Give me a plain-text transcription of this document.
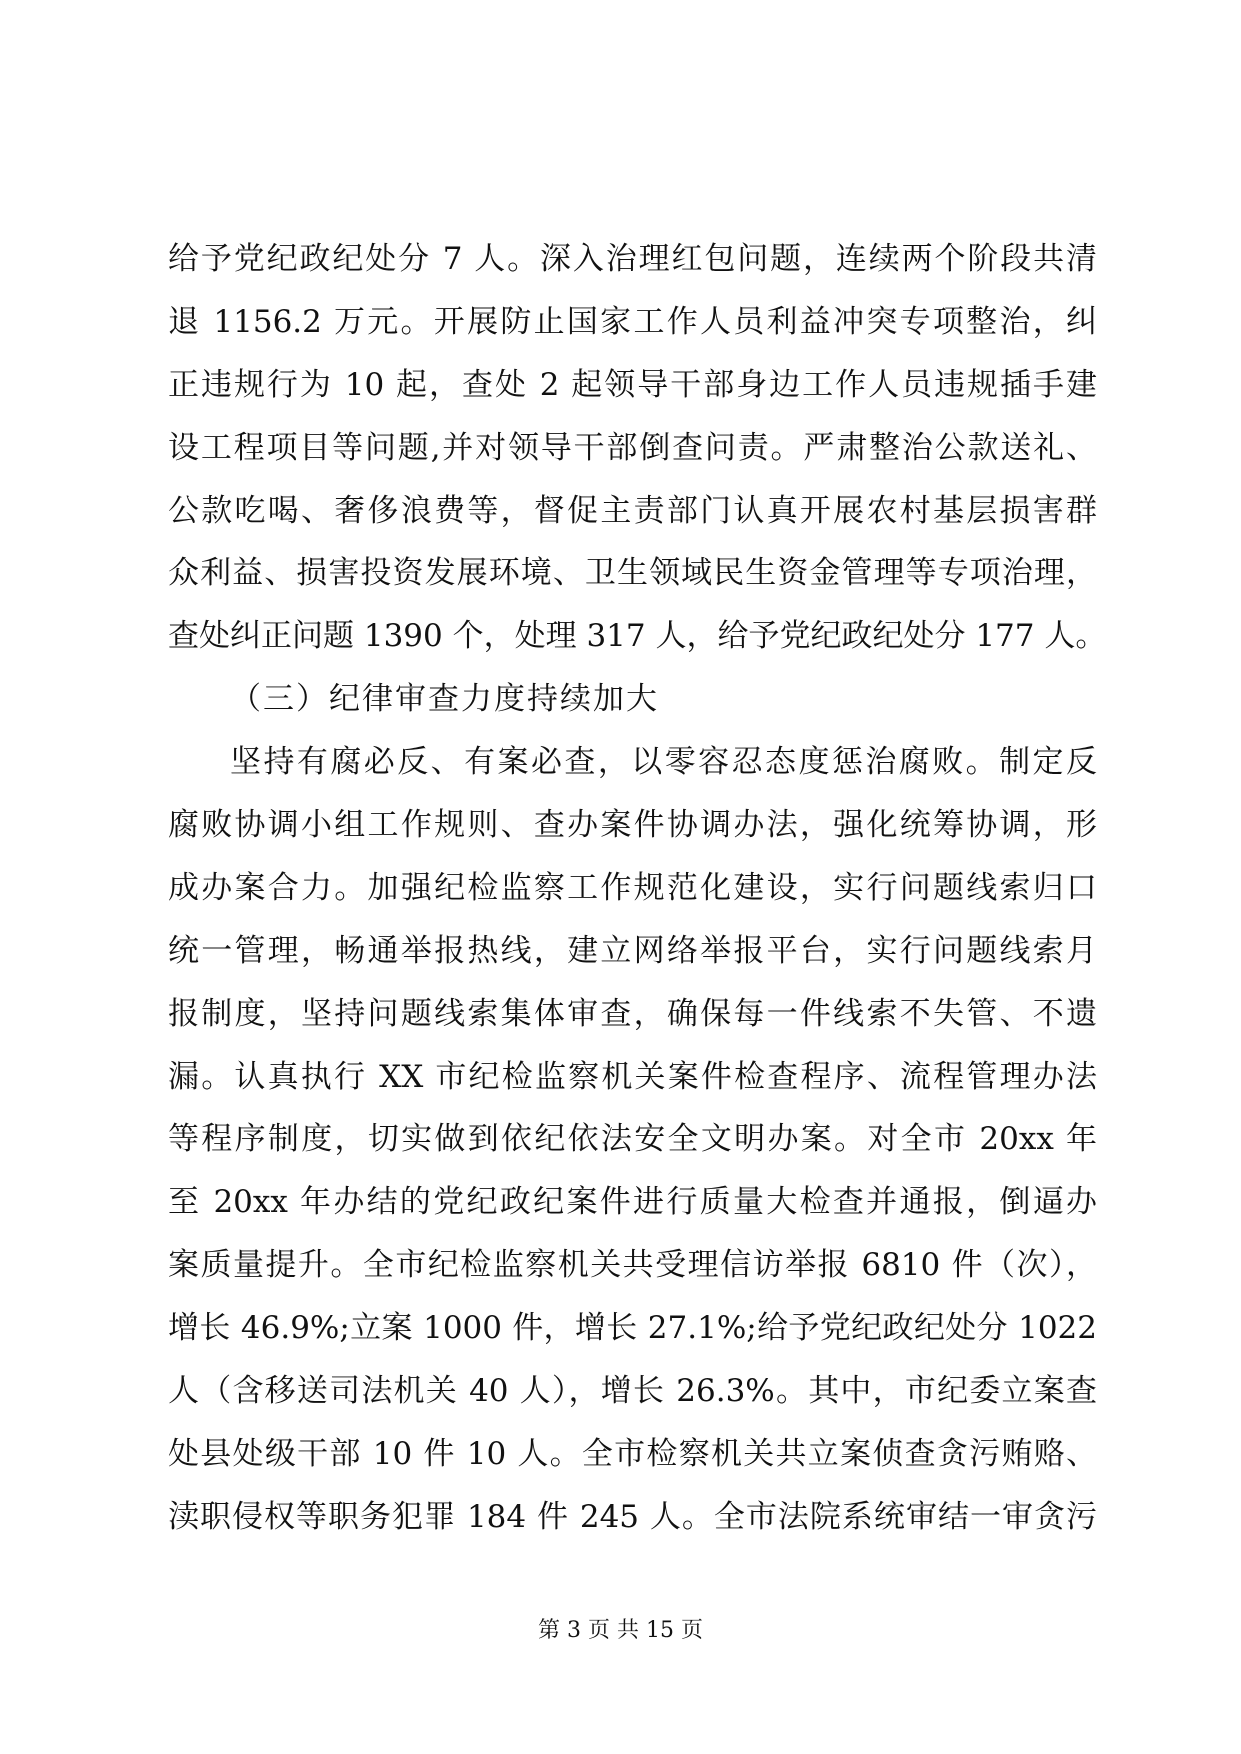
给予党纪政纪处分 7 人。深入治理红包问题，连续两个阶段共清
退 1156.2 万元。开展防止国家工作人员利益冲突专项整治，纠
正违规行为 10 起，查处 2 起领导干部身边工作人员违规插手建
设工程项目等问题,并对领导干部倒查问责。严肃整治公款送礼、
公款吃喝、奢侈浪费等，督促主责部门认真开展农村基层损害群
众利益、损害投资发展环境、卫生领域民生资金管理等专项治理，
查处纠正问题 1390 个，处理 317 人，给予党纪政纪处分 177 人。
（三）纪律审查力度持续加大
坚持有腐必反、有案必查，以零容忍态度惩治腐败。制定反
腐败协调小组工作规则、查办案件协调办法，强化统筹协调，形
成办案合力。加强纪检监察工作规范化建设，实行问题线索归口
统一管理，畅通举报热线，建立网络举报平台，实行问题线索月
报制度，坚持问题线索集体审查，确保每一件线索不失管、不遗
漏。认真执行 XX 市纪检监察机关案件检查程序、流程管理办法
等程序制度，切实做到依纪依法安全文明办案。对全市 20xx 年
至 20xx 年办结的党纪政纪案件进行质量大检查并通报，倒逼办
案质量提升。全市纪检监察机关共受理信访举报 6810 件（次），
增长 46.9%;立案 1000 件，增长 27.1%;给予党纪政纪处分 1022
人（含移送司法机关 40 人），增长 26.3%。其中，市纪委立案查
处县处级干部 10 件 10 人。全市检察机关共立案侦查贪污贿赂、
渎职侵权等职务犯罪 184 件 245 人。全市法院系统审结一审贪污
第 3 页 共 15 页
